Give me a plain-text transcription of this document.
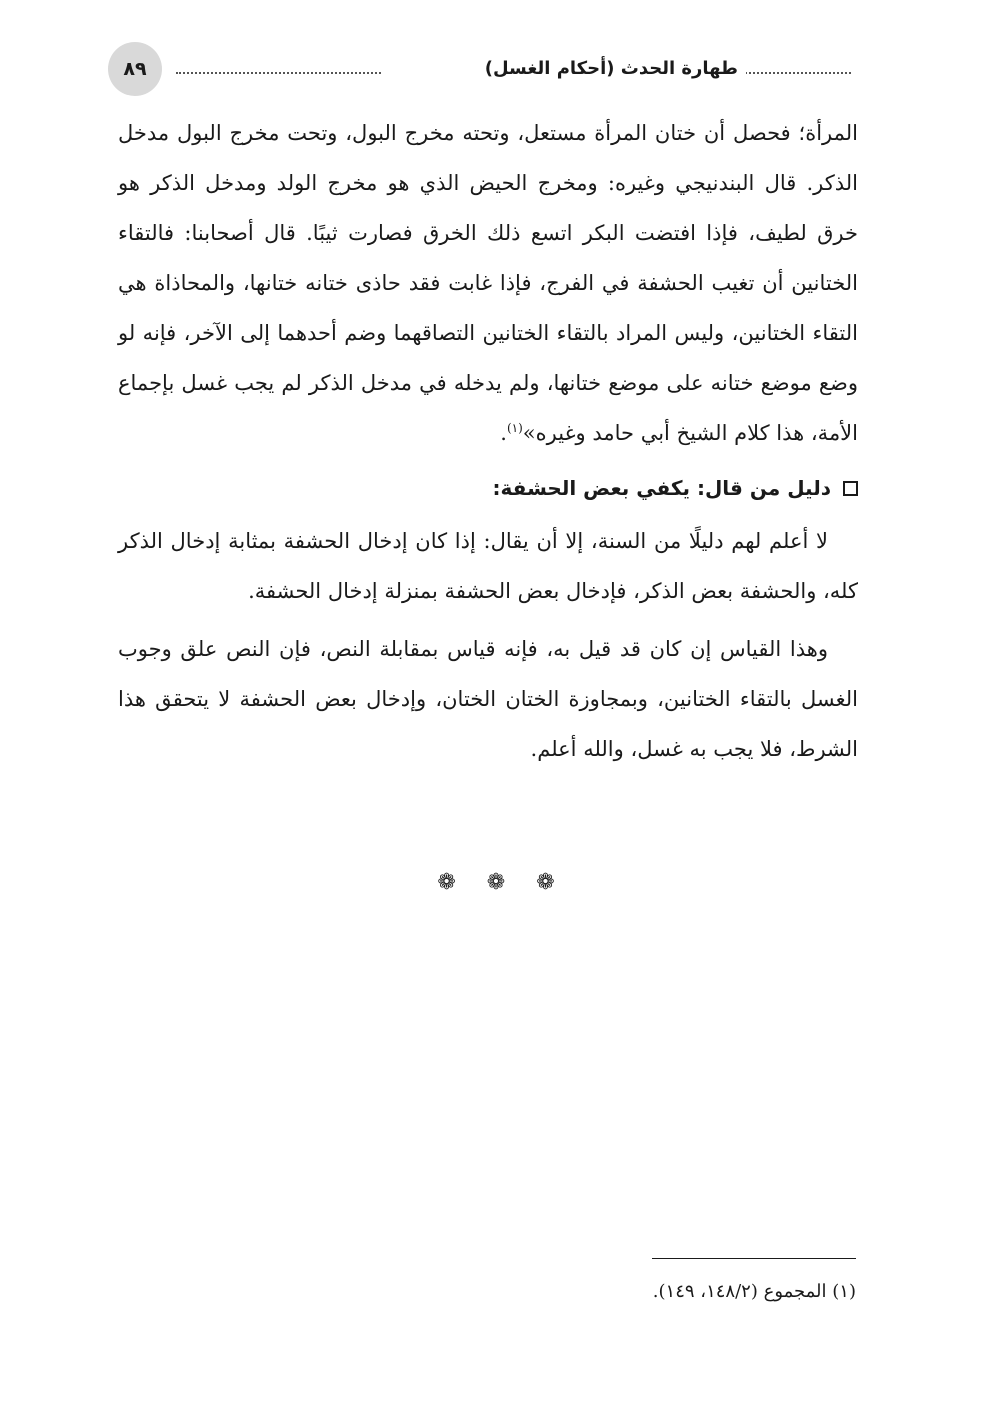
٨٩	طهارة الحدث (أحكام الغسل)

المرأة؛ فحصل أن ختان المرأة مستعل، وتحته مخرج البول، وتحت مخرج البول مدخل الذكر. قال البندنيجي وغيره: ومخرج الحيض الذي هو مخرج الولد ومدخل الذكر هو خرق لطيف، فإذا افتضت البكر اتسع ذلك الخرق فصارت ثيبًا. قال أصحابنا: فالتقاء الختانين أن تغيب الحشفة في الفرج، فإذا غابت فقد حاذى ختانه ختانها، والمحاذاة هي التقاء الختانين، وليس المراد بالتقاء الختانين التصاقهما وضم أحدهما إلى الآخر، فإنه لو وضع موضع ختانه على موضع ختانها، ولم يدخله في مدخل الذكر لم يجب غسل بإجماع الأمة، هذا كلام الشيخ أبي حامد وغيره»$^{(١)}$.

دليل من قال: يكفي بعض الحشفة:

لا أعلم لهم دليلًا من السنة، إلا أن يقال: إذا كان إدخال الحشفة بمثابة إدخال الذكر كله، والحشفة بعض الذكر، فإدخال بعض الحشفة بمنزلة إدخال الحشفة.

وهذا القياس إن كان قد قيل به، فإنه قياس بمقابلة النص، فإن النص علق وجوب الغسل بالتقاء الختانين، وبمجاوزة الختان الختان، وإدخال بعض الحشفة لا يتحقق هذا الشرط، فلا يجب به غسل، والله أعلم.

❁ ❁ ❁
(١) المجموع (١٤٨/٢، ١٤٩).
